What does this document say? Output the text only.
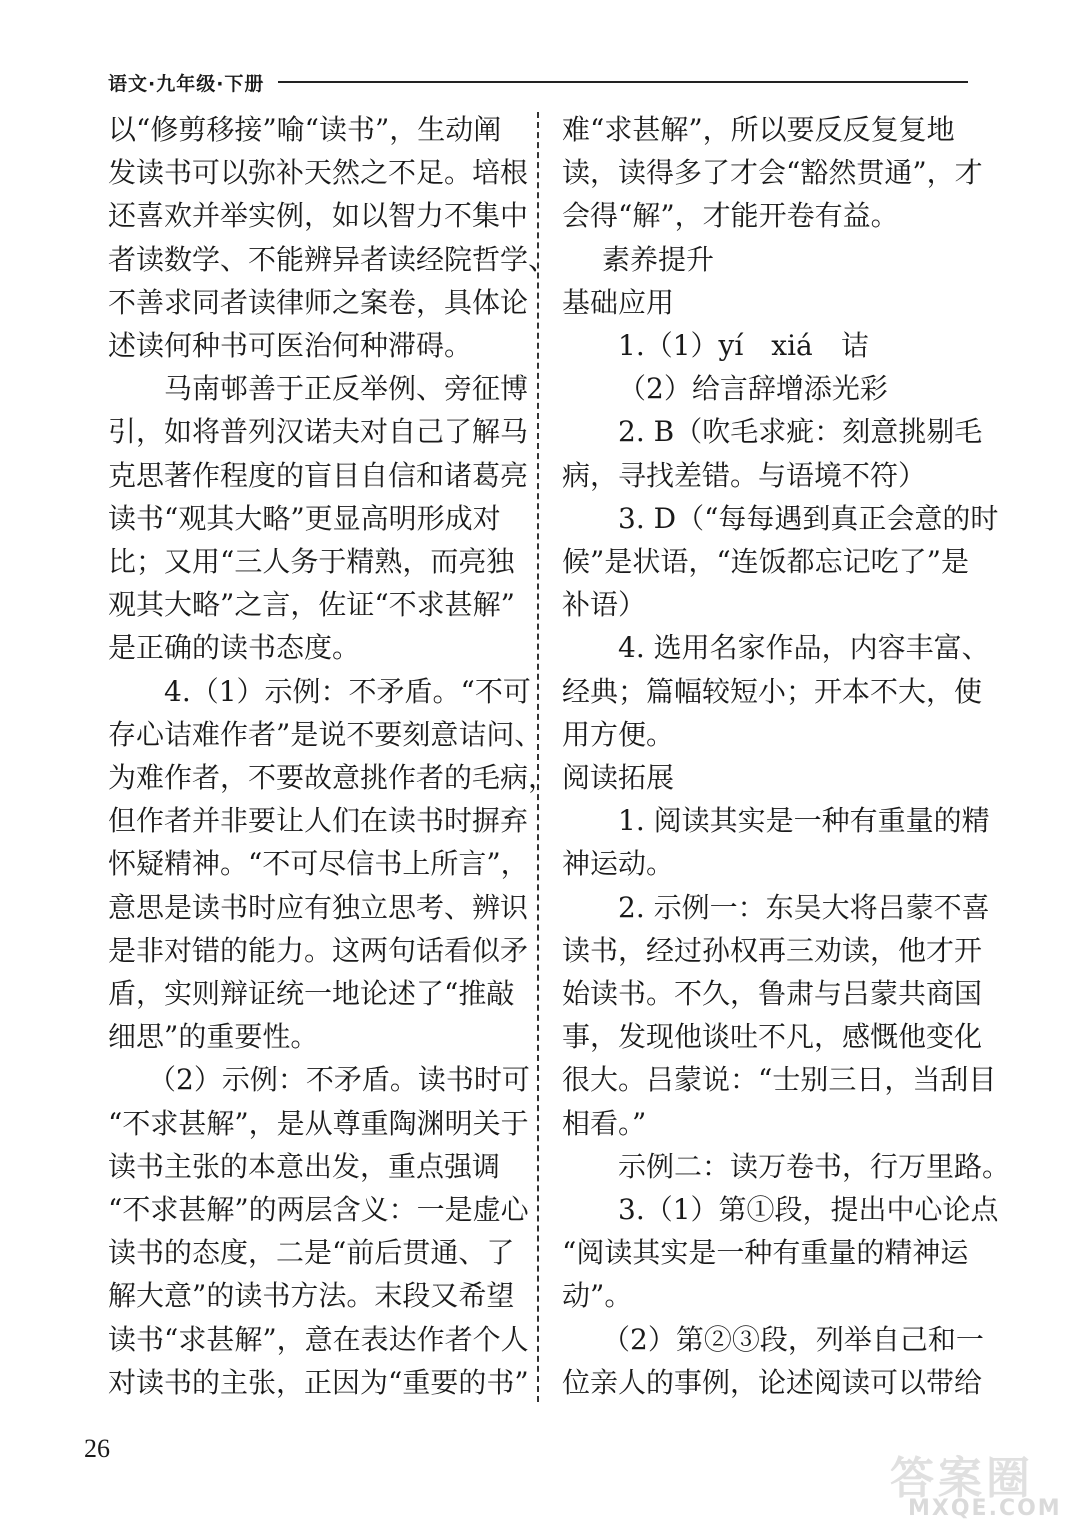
语文·九年级·下册

以“修剪移接”喻“读书”，生动阐

发读书可以弥补天然之不足。培根

还喜欢并举实例，如以智力不集中

者读数学、不能辨异者读经院哲学、

不善求同者读律师之案卷，具体论

述读何种书可医治何种滞碍。

马南邨善于正反举例、旁征博

引，如将普列汉诺夫对自己了解马

克思著作程度的盲目自信和诸葛亮

读书“观其大略”更显高明形成对

比；又用“三人务于精熟，而亮独

观其大略”之言，佐证“不求甚解”

是正确的读书态度。

4.（1）示例：不矛盾。“不可

存心诘难作者”是说不要刻意诘问、

为难作者，不要故意挑作者的毛病，

但作者并非要让人们在读书时摒弃

怀疑精神。“不可尽信书上所言”，

意思是读书时应有独立思考、辨识

是非对错的能力。这两句话看似矛

盾，实则辩证统一地论述了“推敲

细思”的重要性。

（2）示例：不矛盾。读书时可

“不求甚解”，是从尊重陶渊明关于

读书主张的本意出发，重点强调

“不求甚解”的两层含义：一是虚心

读书的态度，二是“前后贯通、了

解大意”的读书方法。末段又希望

读书“求甚解”，意在表达作者个人

对读书的主张，正因为“重要的书”

难“求甚解”，所以要反反复复地

读，读得多了才会“豁然贯通”，才

会得“解”，才能开卷有益。

素养提升

基础应用

1.（1）yí　xiá　诘

（2）给言辞增添光彩

2. B（吹毛求疵：刻意挑剔毛

病，寻找差错。与语境不符）

3. D（“每每遇到真正会意的时

候”是状语，“连饭都忘记吃了”是

补语）

4. 选用名家作品，内容丰富、

经典；篇幅较短小；开本不大，使

用方便。

阅读拓展

1. 阅读其实是一种有重量的精

神运动。

2. 示例一：东吴大将吕蒙不喜

读书，经过孙权再三劝读，他才开

始读书。不久，鲁肃与吕蒙共商国

事，发现他谈吐不凡，感慨他变化

很大。吕蒙说：“士别三日，当刮目

相看。”

示例二：读万卷书，行万里路。

3.（1）第①段，提出中心论点

“阅读其实是一种有重量的精神运

动”。

（2）第②③段，列举自己和一

位亲人的事例，论述阅读可以带给

26
答案圈
MXQE.COM
